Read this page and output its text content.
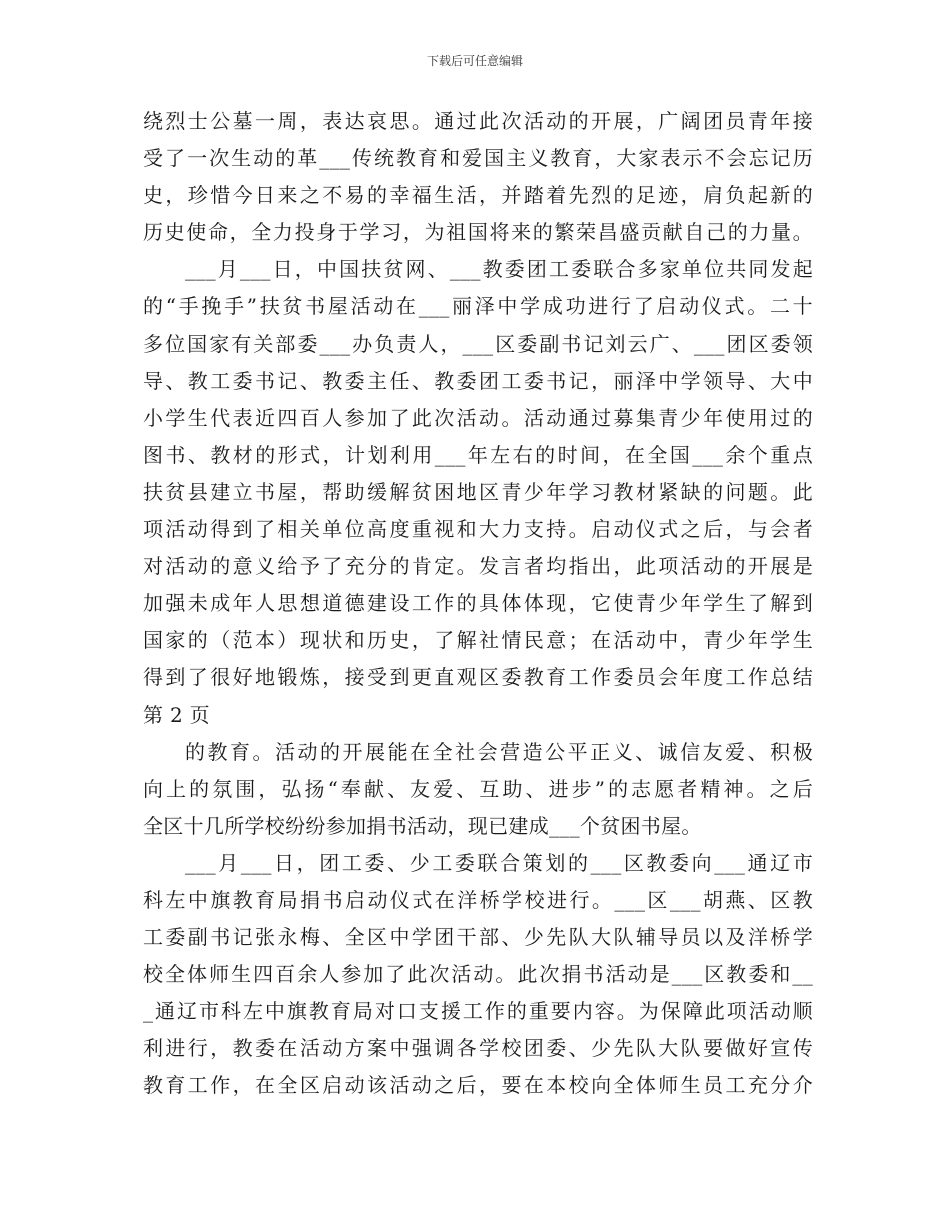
下载后可任意编辑
绕烈士公墓一周，表达哀思。通过此次活动的开展，广阔团员青年接
受了一次生动的革___传统教育和爱国主义教育，大家表示不会忘记历
史，珍惜今日来之不易的幸福生活，并踏着先烈的足迹，肩负起新的
历史使命，全力投身于学习，为祖国将来的繁荣昌盛贡献自己的力量。
___月___日，中国扶贫网、___教委团工委联合多家单位共同发起
的“手挽手”扶贫书屋活动在___丽泽中学成功进行了启动仪式。二十
多位国家有关部委___办负责人，___区委副书记刘云广、___团区委领
导、教工委书记、教委主任、教委团工委书记，丽泽中学领导、大中
小学生代表近四百人参加了此次活动。活动通过募集青少年使用过的
图书、教材的形式，计划利用___年左右的时间，在全国___余个重点
扶贫县建立书屋，帮助缓解贫困地区青少年学习教材紧缺的问题。此
项活动得到了相关单位高度重视和大力支持。启动仪式之后，与会者
对活动的意义给予了充分的肯定。发言者均指出，此项活动的开展是
加强未成年人思想道德建设工作的具体体现，它使青少年学生了解到
国家的（范本）现状和历史，了解社情民意；在活动中，青少年学生
得到了很好地锻炼，接受到更直观区委教育工作委员会年度工作总结
第 2 页
的教育。活动的开展能在全社会营造公平正义、诚信友爱、积极
向上的氛围，弘扬“奉献、友爱、互助、进步”的志愿者精神。之后
全区十几所学校纷纷参加捐书活动，现已建成___个贫困书屋。
___月___日，团工委、少工委联合策划的___区教委向___通辽市
科左中旗教育局捐书启动仪式在洋桥学校进行。___区___胡燕、区教
工委副书记张永梅、全区中学团干部、少先队大队辅导员以及洋桥学
校全体师生四百余人参加了此次活动。此次捐书活动是___区教委和__
_通辽市科左中旗教育局对口支援工作的重要内容。为保障此项活动顺
利进行，教委在活动方案中强调各学校团委、少先队大队要做好宣传
教育工作，在全区启动该活动之后，要在本校向全体师生员工充分介
